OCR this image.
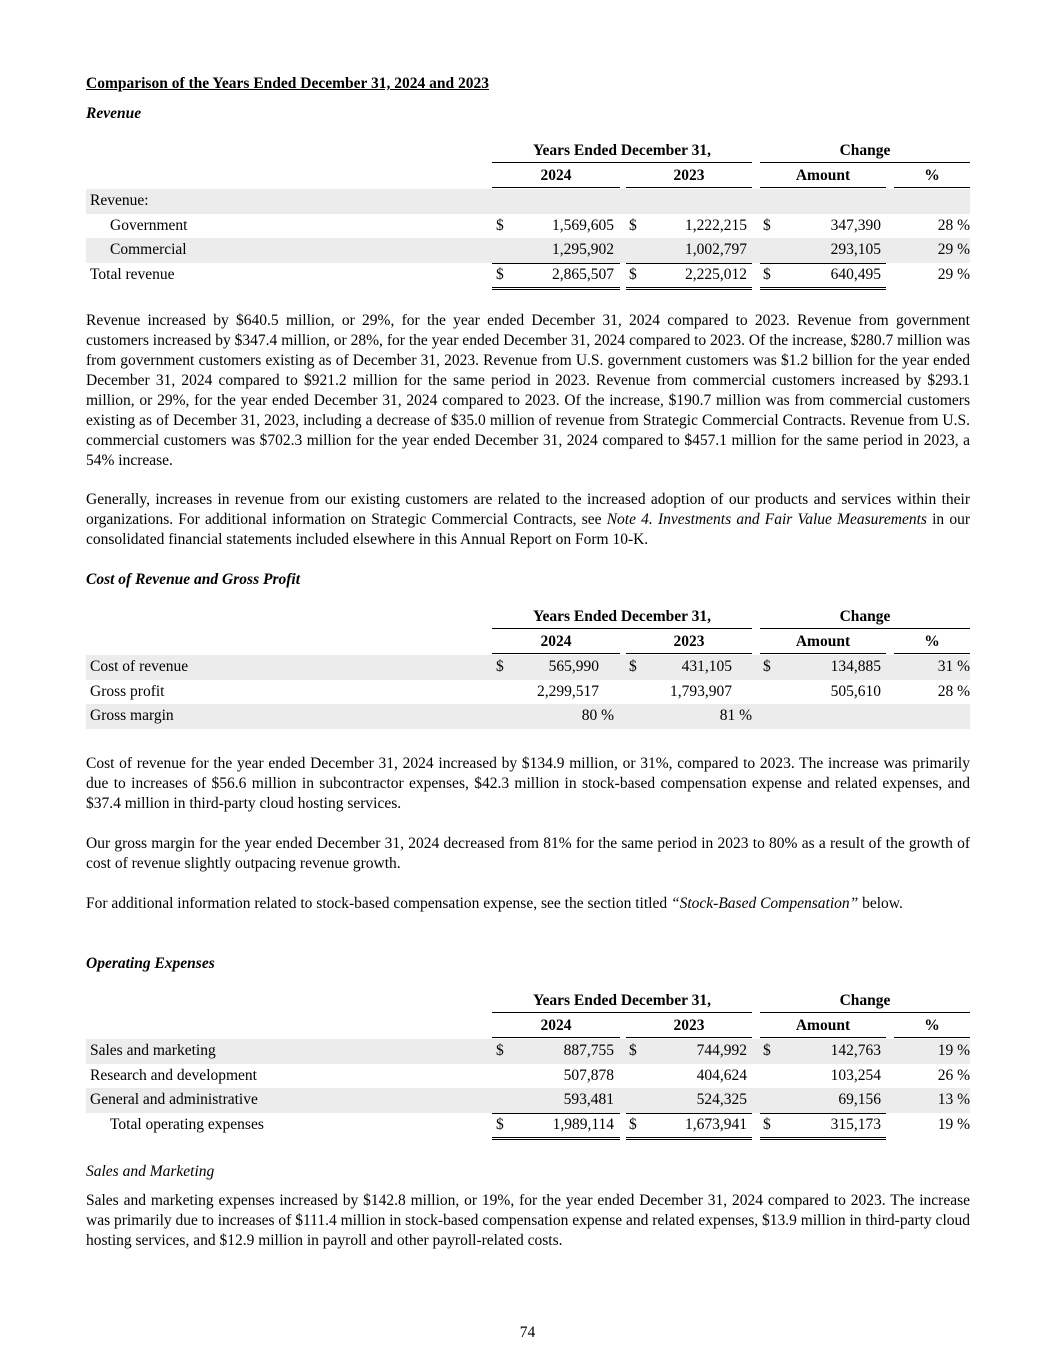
Comparison of the Years Ended December 31, 2024 and 2023
Revenue
Years Ended December 31,	Change
2024	2023	Amount	%
Revenue:
Government	$	1,569,605 $	1,222,215 $	347,390	28 %
Commercial	1,295,902	1,002,797	293,105	29 %
Total revenue	$	2,865,507 $	2,225,012 $	640,495	29 %

Revenue increased by $640.5 million, or 29%, for the year ended December 31, 2024 compared to 2023. Revenue from government customers increased by $347.4 million, or 28%, for the year ended December 31, 2024 compared to 2023. Of the increase, $280.7 million was from government customers existing as of December 31, 2023. Revenue from U.S. government customers was $1.2 billion for the year ended December 31, 2024 compared to $921.2 million for the same period in 2023. Revenue from commercial customers increased by $293.1 million, or 29%, for the year ended December 31, 2024 compared to 2023. Of the increase, $190.7 million was from commercial customers existing as of December 31, 2023, including a decrease of $35.0 million of revenue from Strategic Commercial Contracts. Revenue from U.S. commercial customers was $702.3 million for the year ended December 31, 2024 compared to $457.1 million for the same period in 2023, a 54% increase.

Generally, increases in revenue from our existing customers are related to the increased adoption of our products and services within their organizations. For additional information on Strategic Commercial Contracts, see Note 4. Investments and Fair Value Measurements in our consolidated financial statements included elsewhere in this Annual Report on Form 10-K.

Cost of Revenue and Gross Profit
Years Ended December 31,	Change
2024	2023	Amount	%
Cost of revenue	$	565,990 $	431,105 $	134,885	31 %
Gross profit	2,299,517	1,793,907	505,610	28 %
Gross margin	80 %	81 %

Cost of revenue for the year ended December 31, 2024 increased by $134.9 million, or 31%, compared to 2023. The increase was primarily due to increases of $56.6 million in subcontractor expenses, $42.3 million in stock-based compensation expense and related expenses, and $37.4 million in third-party cloud hosting services.

Our gross margin for the year ended December 31, 2024 decreased from 81% for the same period in 2023 to 80% as a result of the growth of cost of revenue slightly outpacing revenue growth.

For additional information related to stock-based compensation expense, see the section titled “Stock-Based Compensation” below.

Operating Expenses
Years Ended December 31,	Change
2024	2023	Amount	%
Sales and marketing	$	887,755 $	744,992 $	142,763	19 %
Research and development	507,878	404,624	103,254	26 %
General and administrative	593,481	524,325	69,156	13 %
Total operating expenses	$	1,989,114 $	1,673,941 $	315,173	19 %
Sales and Marketing

Sales and marketing expenses increased by $142.8 million, or 19%, for the year ended December 31, 2024 compared to 2023. The increase was primarily due to increases of $111.4 million in stock-based compensation expense and related expenses, $13.9 million in third-party cloud hosting services, and $12.9 million in payroll and other payroll-related costs.

74
